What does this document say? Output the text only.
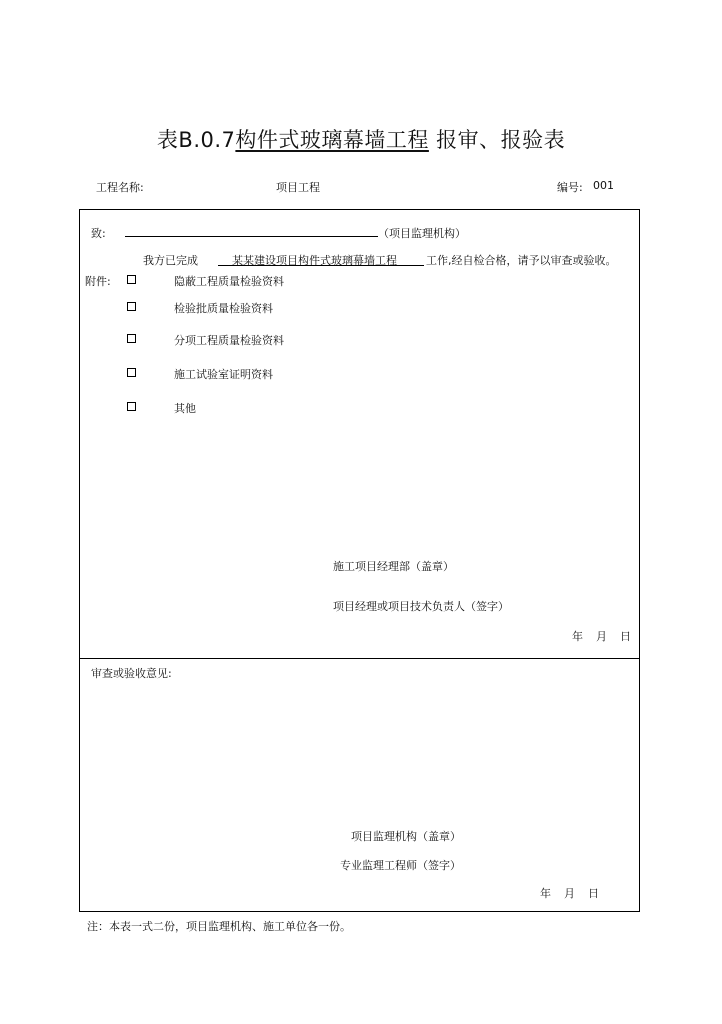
表B.0.7构件式玻璃幕墙工程 报审、报验表
工程名称:	项目工程	编号: 001
致:	（项目监理机构）
我方已完成	某某建设项目构件式玻璃幕墙工程	工作,经自检合格，请予以审查或验收。
附件:	隐蔽工程质量检验资料
检验批质量检验资料
分项工程质量检验资料
施工试验室证明资料
其他
施工项目经理部（盖章）
项目经理或项目技术负责人（签字）
年 月 日
审查或验收意见:
项目监理机构（盖章）
专业监理工程师（签字）
年 月 日
注：本表一式二份，项目监理机构、施工单位各一份。
